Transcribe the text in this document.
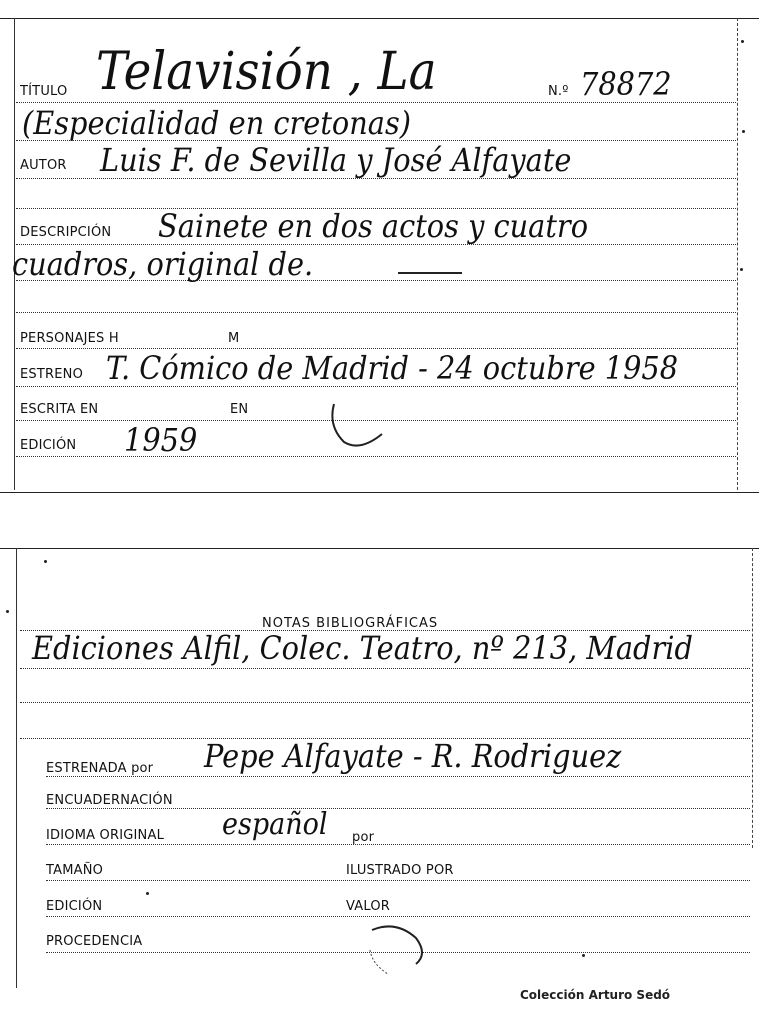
TÍTULO Telavisión , La	N.º 78872
(Especialidad en cretonas)
AUTOR Luis F. de Sevilla y José Alfayate
DESCRIPCIÓN Sainete en dos actos y cuatro
cuadros, original de.
PERSONAJES H	M
ESTRENO T. Cómico de Madrid - 24 octubre 1958
ESCRITA EN	EN
EDICIÓN 1959
NOTAS BIBLIOGRÁFICAS
Ediciones Alfil, Colec. Teatro, nº 213, Madrid
ESTRENADA por Pepe Alfayate - R. Rodriguez
ENCUADERNACIÓN
IDIOMA ORIGINAL español por
TAMAÑO	ILUSTRADO POR
EDICIÓN	VALOR
PROCEDENCIA
Colección Arturo Sedó
